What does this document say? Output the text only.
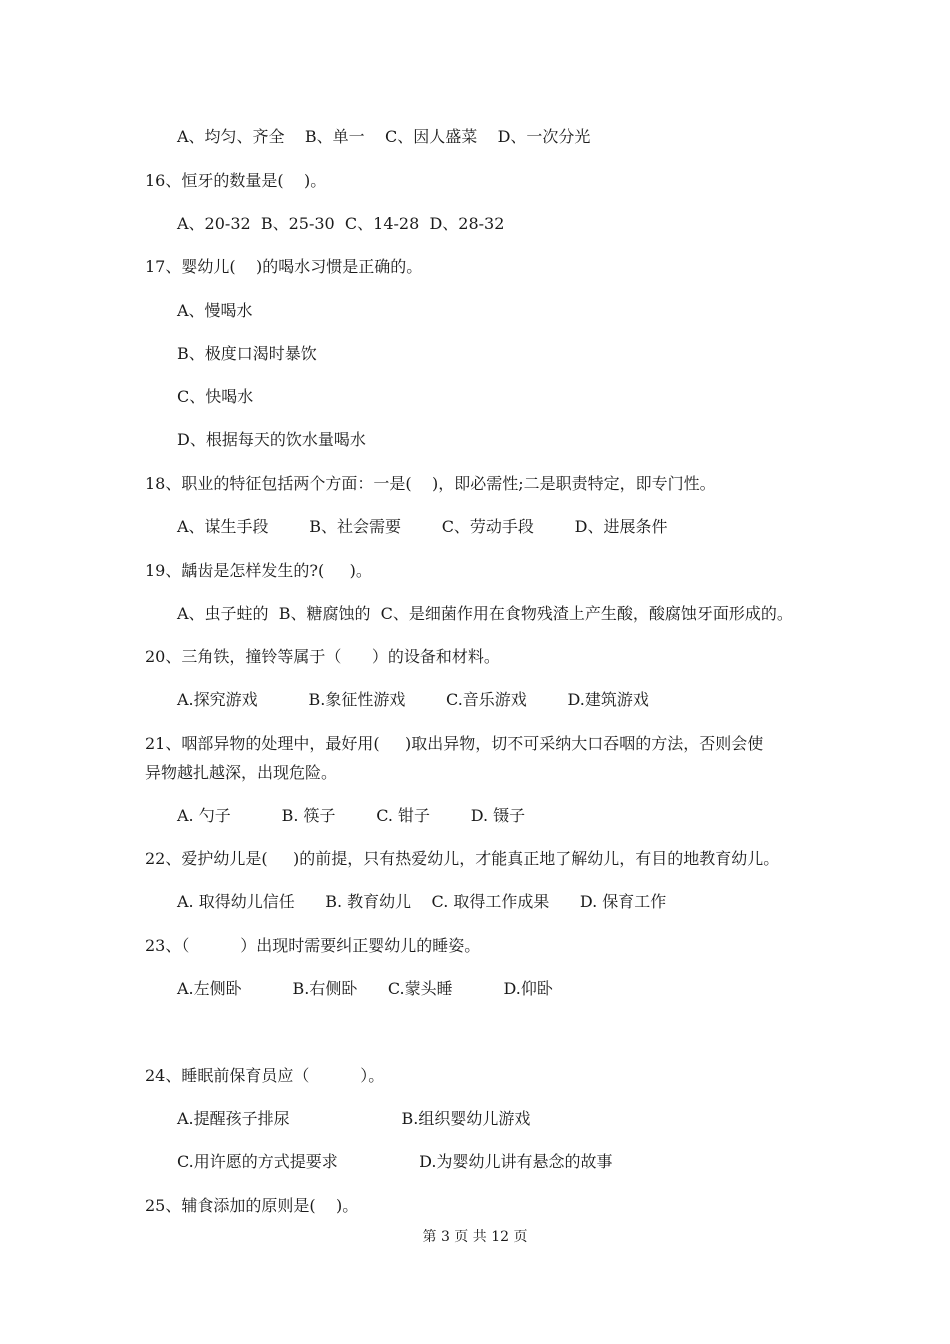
A、均匀、齐全    B、单一    C、因人盛菜    D、一次分光
16、恒牙的数量是(    )。
A、20-32  B、25-30  C、14-28  D、28-32
17、婴幼儿(    )的喝水习惯是正确的。
A、慢喝水
B、极度口渴时暴饮
C、快喝水
D、根据每天的饮水量喝水
18、职业的特征包括两个方面：一是(    )，即必需性;二是职责特定，即专门性。
A、谋生手段        B、社会需要        C、劳动手段        D、进展条件
19、龋齿是怎样发生的?(     )。
A、虫子蛀的  B、糖腐蚀的  C、是细菌作用在食物残渣上产生酸，酸腐蚀牙面形成的。
20、三角铁，撞铃等属于（      ）的设备和材料。
A.探究游戏          B.象征性游戏        C.音乐游戏        D.建筑游戏
21、咽部异物的处理中，最好用(     )取出异物，切不可采纳大口吞咽的方法，否则会使
异物越扎越深，出现危险。
A. 勺子          B. 筷子        C. 钳子        D. 镊子
22、爱护幼儿是(     )的前提，只有热爱幼儿，才能真正地了解幼儿，有目的地教育幼儿。
A. 取得幼儿信任      B. 教育幼儿    C. 取得工作成果      D. 保育工作
23、（          ）出现时需要纠正婴幼儿的睡姿。
A.左侧卧          B.右侧卧      C.蒙头睡          D.仰卧
24、睡眠前保育员应（          ）。
A.提醒孩子排尿                      B.组织婴幼儿游戏
C.用许愿的方式提要求                D.为婴幼儿讲有悬念的故事
25、辅食添加的原则是(    )。
第 3 页 共 12 页
